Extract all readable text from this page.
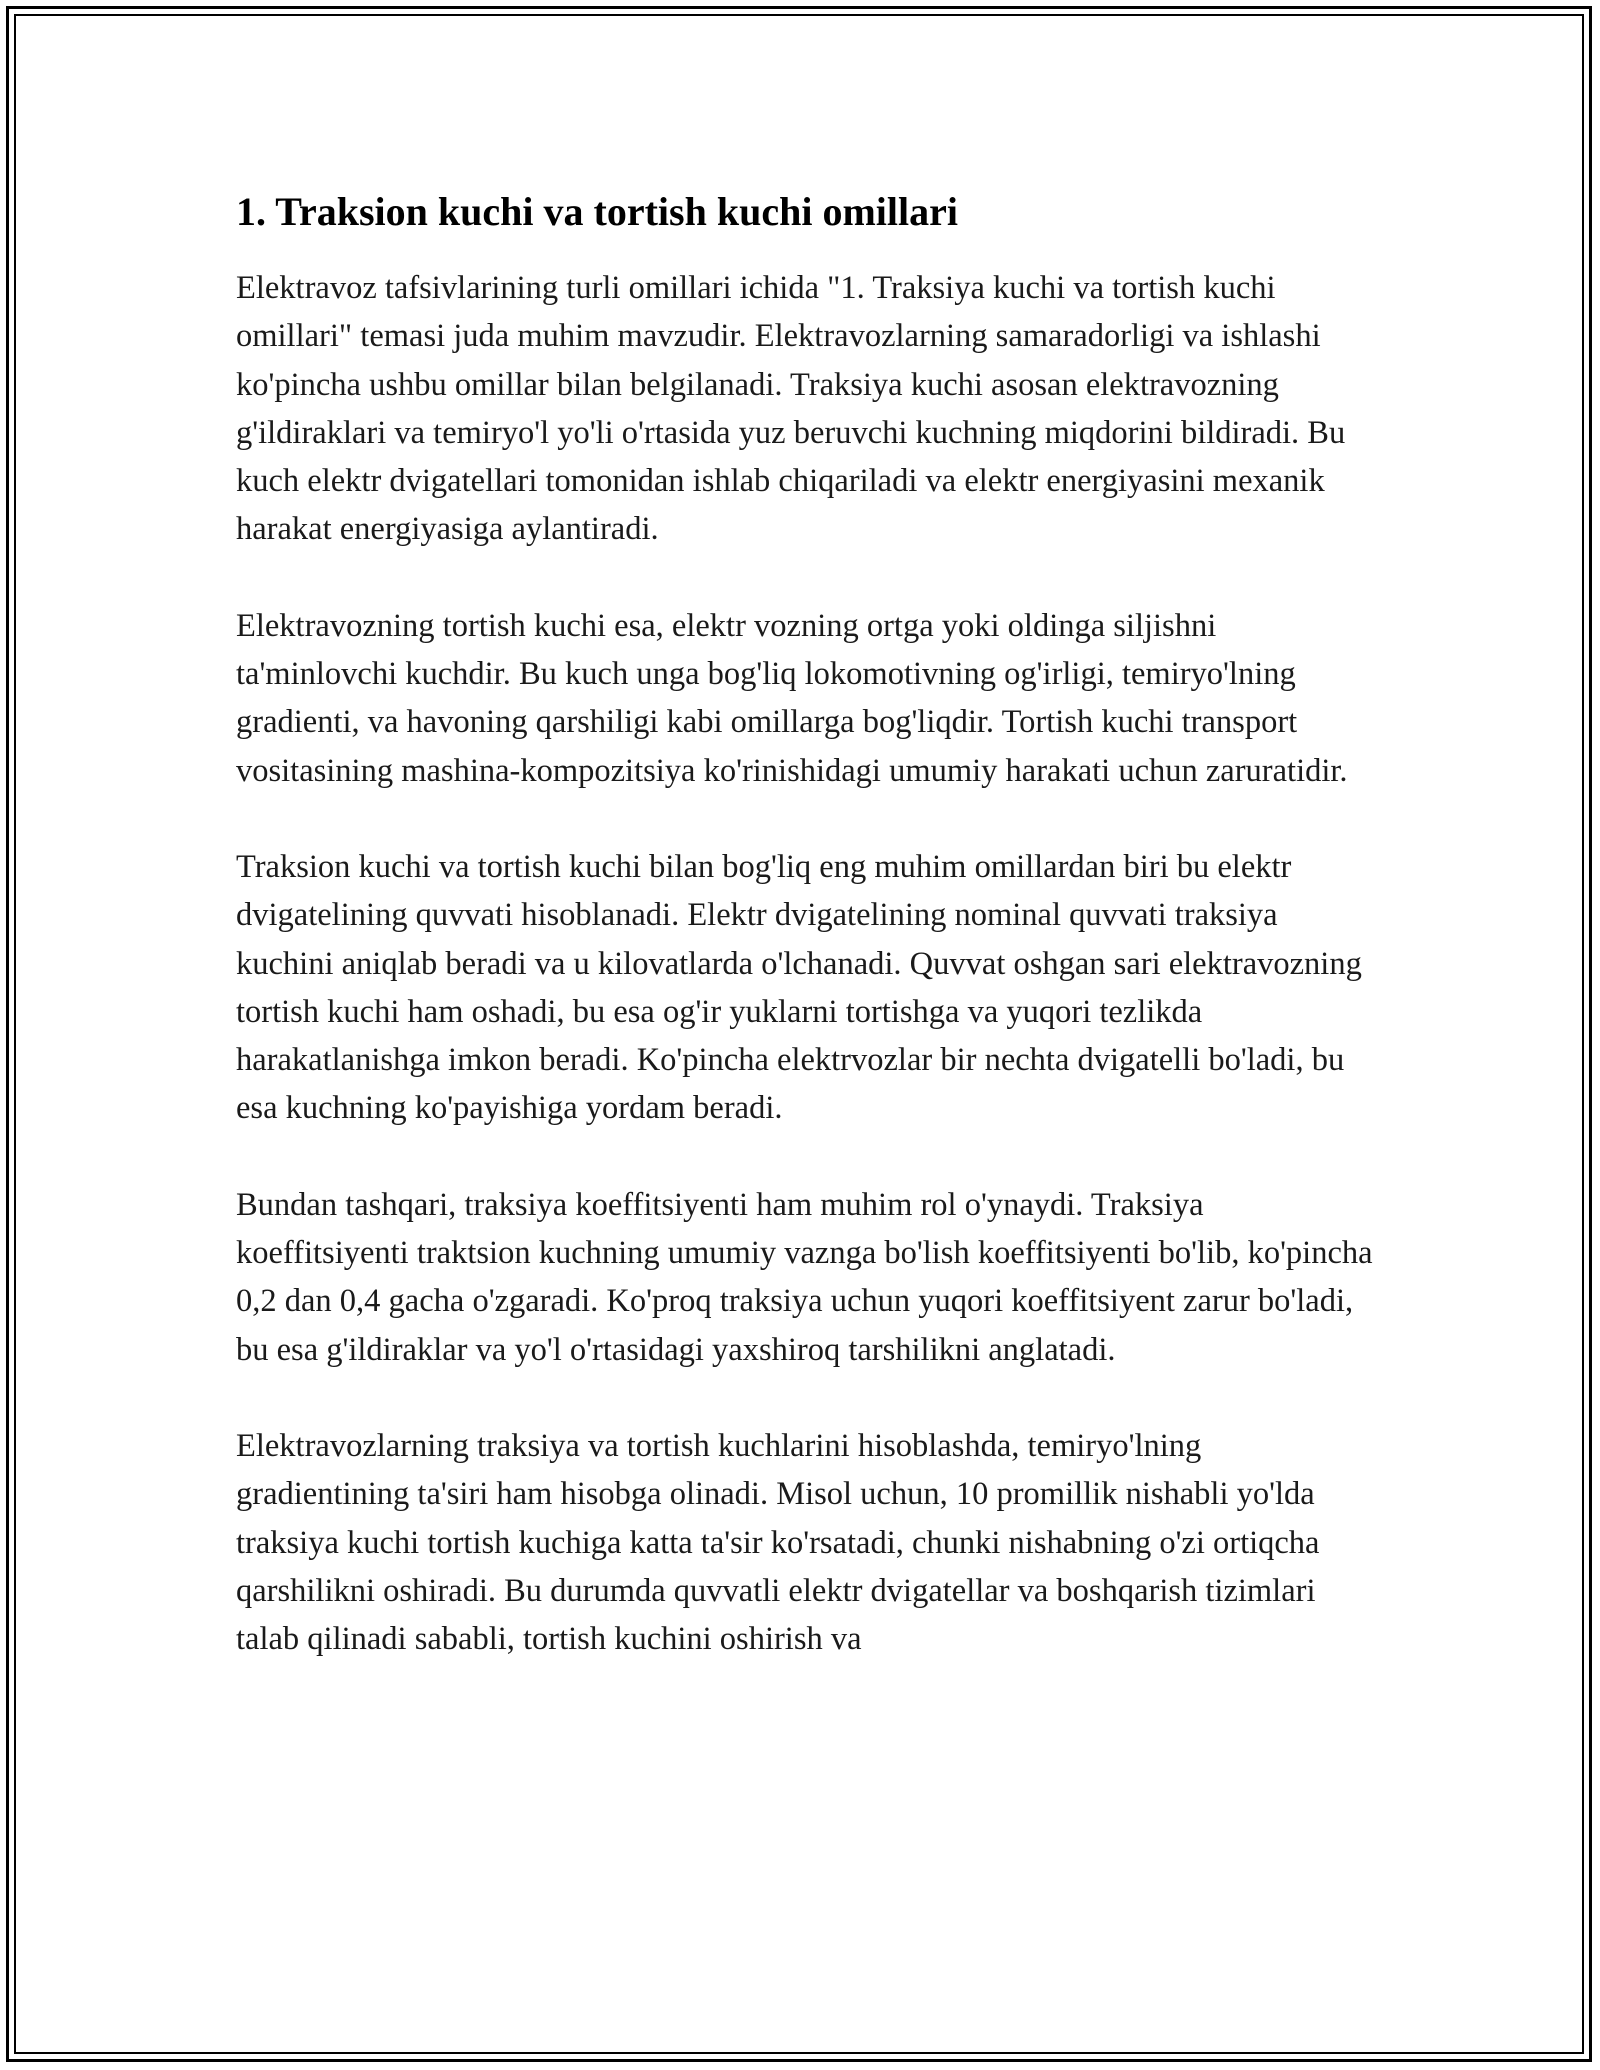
1. Traksion kuchi va tortish kuchi omillari

Elektravoz tafsivlarining turli omillari ichida "1. Traksiya kuchi va tortish kuchi omillari" temasi juda muhim mavzudir. Elektravozlarning samaradorligi va ishlashi ko'pincha ushbu omillar bilan belgilanadi. Traksiya kuchi asosan elektravozning g'ildiraklari va temiryo'l yo'li o'rtasida yuz beruvchi kuchning miqdorini bildiradi. Bu kuch elektr dvigatellari tomonidan ishlab chiqariladi va elektr energiyasini mexanik harakat energiyasiga aylantiradi.

Elektravozning tortish kuchi esa, elektr vozning ortga yoki oldinga siljishni ta'minlovchi kuchdir. Bu kuch unga bog'liq lokomotivning og'irligi, temiryo'lning gradienti, va havoning qarshiligi kabi omillarga bog'liqdir. Tortish kuchi transport vositasining mashina-kompozitsiya ko'rinishidagi umumiy harakati uchun zaruratidir.

Traksion kuchi va tortish kuchi bilan bog'liq eng muhim omillardan biri bu elektr dvigatelining quvvati hisoblanadi. Elektr dvigatelining nominal quvvati traksiya kuchini aniqlab beradi va u kilovatlarda o'lchanadi. Quvvat oshgan sari elektravozning tortish kuchi ham oshadi, bu esa og'ir yuklarni tortishga va yuqori tezlikda harakatlanishga imkon beradi. Ko'pincha elektrvozlar bir nechta dvigatelli bo'ladi, bu esa kuchning ko'payishiga yordam beradi.

Bundan tashqari, traksiya koeffitsiyenti ham muhim rol o'ynaydi. Traksiya koeffitsiyenti traktsion kuchning umumiy vaznga bo'lish koeffitsiyenti bo'lib, ko'pincha 0,2 dan 0,4 gacha o'zgaradi. Ko'proq traksiya uchun yuqori koeffitsiyent zarur bo'ladi, bu esa g'ildiraklar va yo'l o'rtasidagi yaxshiroq tarshilikni anglatadi.

Elektravozlarning traksiya va tortish kuchlarini hisoblashda, temiryo'lning gradientining ta'siri ham hisobga olinadi. Misol uchun, 10 promillik nishabli yo'lda traksiya kuchi tortish kuchiga katta ta'sir ko'rsatadi, chunki nishabning o'zi ortiqcha qarshilikni oshiradi. Bu durumda quvvatli elektr dvigatellar va boshqarish tizimlari talab qilinadi sababli, tortish kuchini oshirish va
